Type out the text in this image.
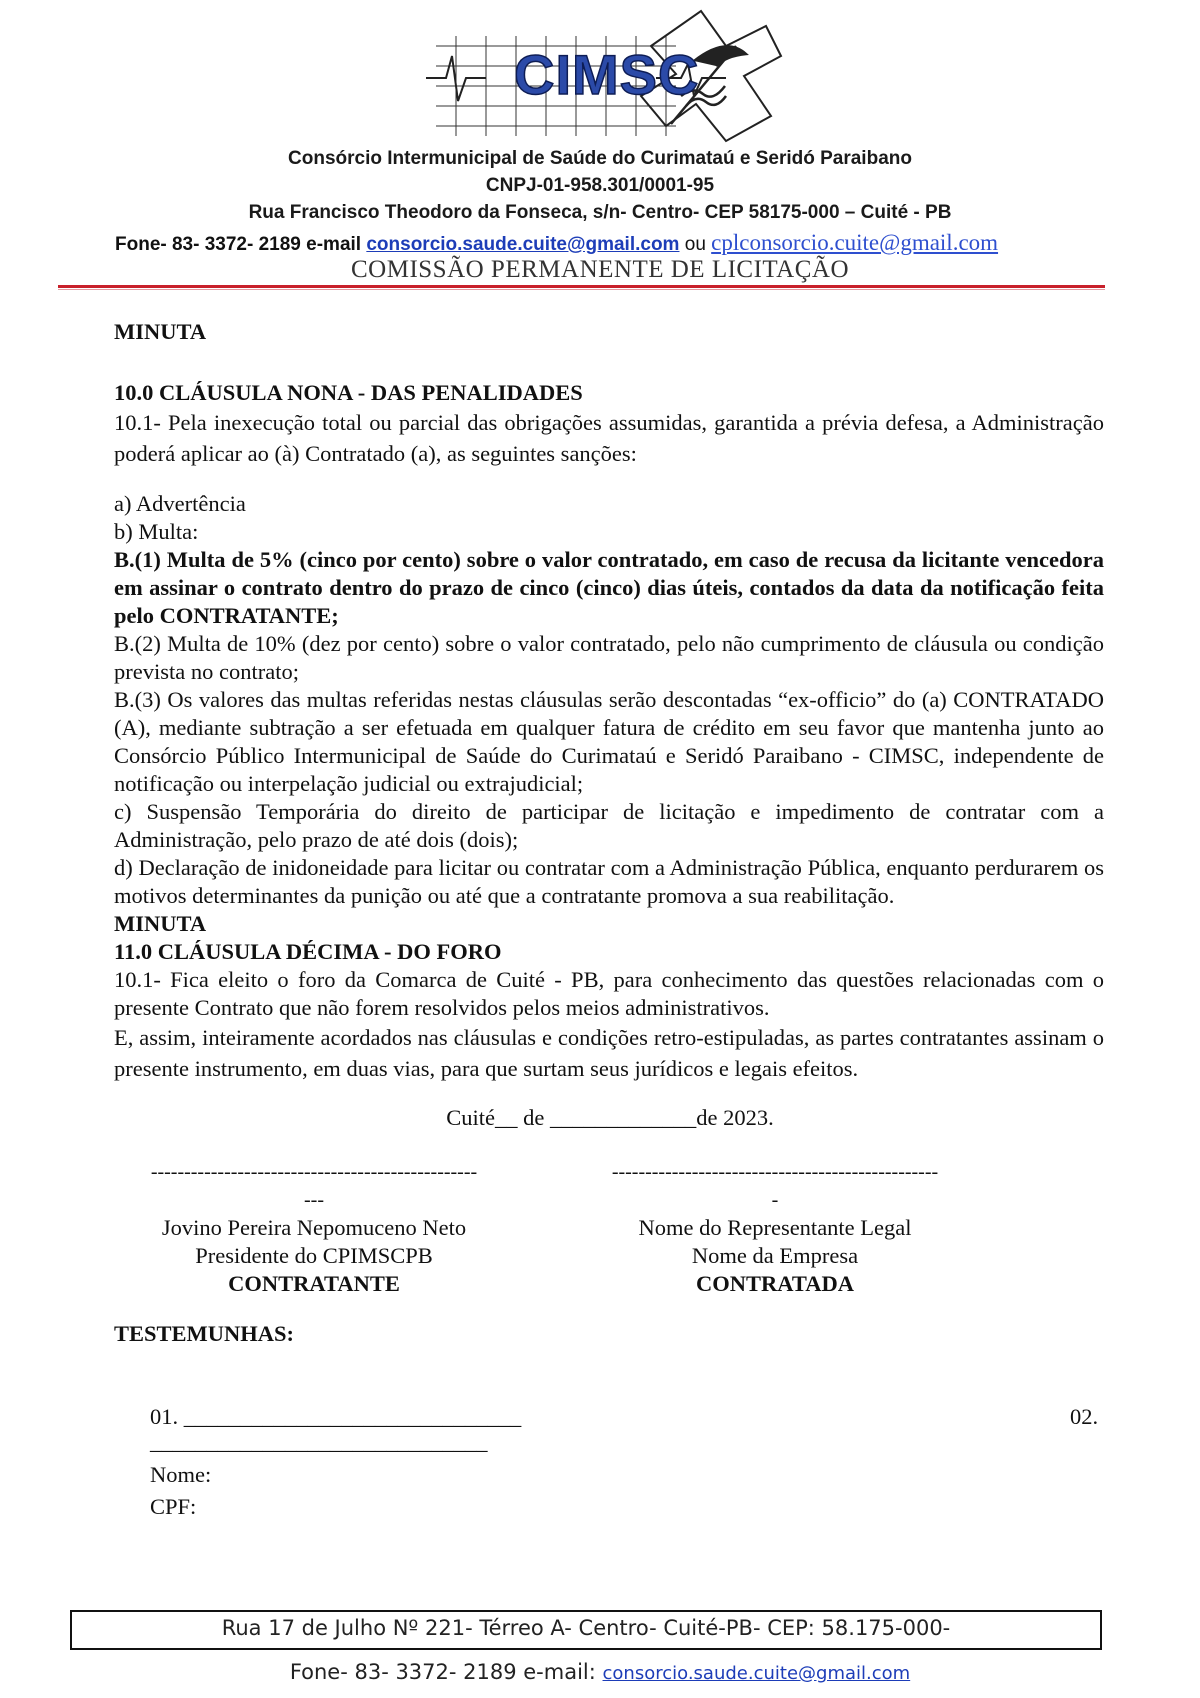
CIMSC
Consórcio Intermunicipal de Saúde do Curimataú e Seridó Paraibano
CNPJ-01-958.301/0001-95
Rua Francisco Theodoro da Fonseca, s/n- Centro- CEP 58175-000 – Cuité - PB
Fone- 83- 3372- 2189 e-mail consorcio.saude.cuite@gmail.com ou cplconsorcio.cuite@gmail.com
COMISSÃO PERMANENTE DE LICITAÇÃO
MINUTA

10.0 CLÁUSULA NONA - DAS PENALIDADES

10.1- Pela inexecução total ou parcial das obrigações assumidas, garantida a prévia defesa, a Administração poderá aplicar ao (à) Contratado (a), as seguintes sanções:

a) Advertência

b) Multa:

B.(1) Multa de 5% (cinco por cento) sobre o valor contratado, em caso de recusa da licitante vencedora em assinar o contrato dentro do prazo de cinco (cinco) dias úteis, contados da data da notificação feita pelo CONTRATANTE;

B.(2) Multa de 10% (dez por cento) sobre o valor contratado, pelo não cumprimento de cláusula ou condição prevista no contrato;

B.(3) Os valores das multas referidas nestas cláusulas serão descontadas “ex-officio” do (a) CONTRATADO (A), mediante subtração a ser efetuada em qualquer fatura de crédito em seu favor que mantenha junto ao Consórcio Público Intermunicipal de Saúde do Curimataú e Seridó Paraibano - CIMSC, independente de notificação ou interpelação judicial ou extrajudicial;

c) Suspensão Temporária do direito de participar de licitação e impedimento de contratar com a Administração, pelo prazo de até dois (dois);

d) Declaração de inidoneidade para licitar ou contratar com a Administração Pública, enquanto perdurarem os motivos determinantes da punição ou até que a contratante promova a sua reabilitação.

MINUTA

11.0 CLÁUSULA DÉCIMA - DO FORO

10.1- Fica eleito o foro da Comarca de Cuité - PB, para conhecimento das questões relacionadas com o presente Contrato que não forem resolvidos pelos meios administrativos.

E, assim, inteiramente acordados nas cláusulas e condições retro-estipuladas, as partes contratantes assinam o presente instrumento, em duas vias, para que surtam seus jurídicos e legais efeitos.

Cuité__ de _____________de 2023.
-------------------------------------------------
---
Jovino Pereira Nepomuceno Neto
Presidente do CPIMSCPB
CONTRATANTE
-------------------------------------------------
-
Nome do Representante Legal
Nome da Empresa
CONTRATADA
TESTEMUNHAS:
01. ______________________________	02.
______________________________
Nome:
CPF:
Rua 17 de Julho Nº 221- Térreo A- Centro- Cuité-PB- CEP: 58.175-000-
Fone- 83- 3372- 2189 e-mail: consorcio.saude.cuite@gmail.com
